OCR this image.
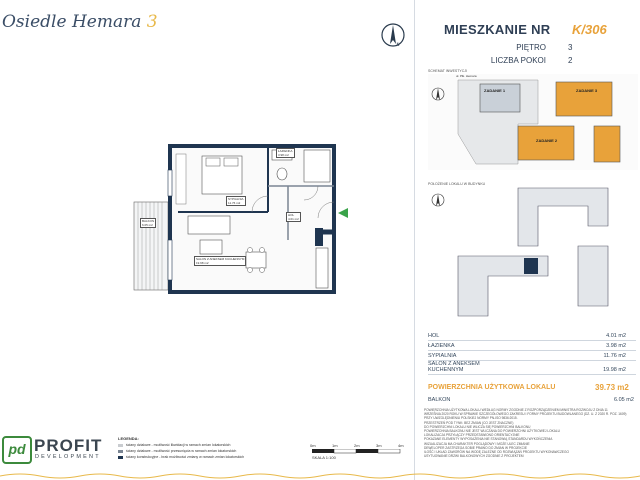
Osiedle Hemara 3
N
ŁAZIENKA
3.98 m2
SYPIALNIA
11.76 m2
HOL
4.01 m2
SALON Z ANEKSEM KUCHENNYM
19.98 m2
BALKON
6.05 m2
MIESZKANIE NR K/306
PIĘTRO	3
LICZBA POKOI	2
SCHEMAT INWESTYCJI
ul. Płk. Hemara
ZADANIE 1
ZADANIE 2
ZADANIE 3
POŁOŻENIE LOKALU W BUDYNKU
HOL	4.01 m2
ŁAZIENKA	3.98 m2
SYPIALNIA	11.76 m2
SALON Z ANEKSEM KUCHENNYM	19.98 m2
POWIERZCHNIA UŻYTKOWA LOKALU	39.73 m2
BALKON	6.05 m2
POWIERZCHNIA UŻYTKOWA LOKALU WEDŁUG NORMY ZGODNIE Z ROZPORZĄDZENIEM MINISTRA ROZWOJU Z DNIA 11
WRZEŚNIA 2020 ROKU W SPRAWIE SZCZEGÓŁOWEGO ZAKRESU I FORMY PROJEKTU BUDOWLANEGO (DZ. U. Z 2020 R. POZ. 1609)
PRZY UWZGLĘDNIENIU POLSKIEJ NORMY PN-ISO 9836:2015.
PRZESTRZEŃ POD TYNK: BEZ ZMIAN (CO JEST ZNACZNE)
DO POWIERZCHNI LOKALU NIE WLICZA SIĘ POWIERZCHNI BALKONU
POWIERZCHNIA BALKONU NIE JEST WLICZANA DO POWIERZCHNI UŻYTKOWEJ LOKALU
LOKALIZACJA PRZYŁĄCZY PRZEDSTAWIONO ORIENTACYJNIE
POKAZANE ELEMENTY WYPOSAŻENIA NIE STANOWIĄ STANDARDU WYKOŃCZENIA
WIZUALIZACJA MA CHARAKTER POGLĄDOWY I MOŻE ULEC ZMIANIE
DEWELOPER ZASTRZEGA SOBIE PRAWO DO ZMIAN W PROJEKCIE
ILOŚĆ I UKŁAD ZAWORÓW NA WODĘ ZALEŻNE OD ROZWIĄZAŃ PROJEKTU WYKONAWCZEGO
USYTUOWANIE DRZWI BALKONOWYCH ZGODNIE Z PROJEKTEM
pd PROFIT
DEVELOPMENT
LEGENDA:
ściany działowe - możliwość likwidacji w ramach zmian lokatorskich
ściany działowe - możliwość przesunięcia w ramach zmian lokatorskich
ściany konstrukcyjne - brak możliwości zmiany w ramach zmian lokatorskich
0m	1m	2m	3m	4m
SKALA 1:100
